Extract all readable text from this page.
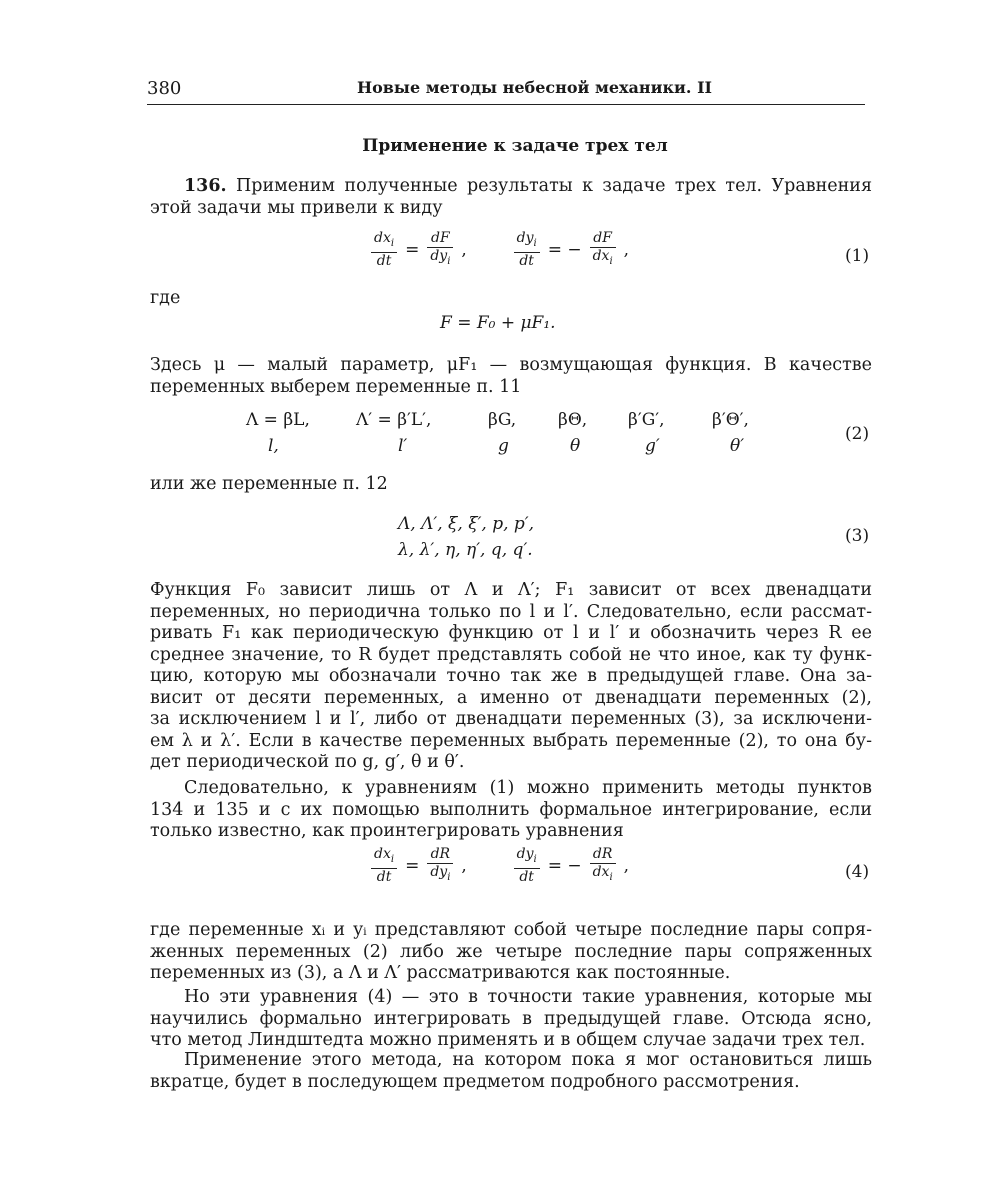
380	Новые методы небесной механики. II
Применение к задаче трех тел
136. Применим полученные результаты к задаче трех тел. Уравнения
этой задачи мы привели к виду
$\frac{dx_i}{dt} = \frac{dF}{dy_i}$ ,	$\frac{dy_i}{dt}$ = − $\frac{dF}{dx_i}$ ,	(1)
где
F = F₀ + μF₁.
Здесь μ — малый параметр, μF₁ — возмущающая функция. В качестве
переменных выберем переменные п. 11
Λ = βL,	Λ′ = β′L′,	βG, βΘ, β′G′,	β′Θ′,
l,	l′	g	θ	g′	θ′
(2)
или же переменные п. 12
Λ, Λ′, ξ, ξ′, p, p′,
λ, λ′, η, η′, q, q′.
(3)
Функция F₀ зависит лишь от Λ и Λ′; F₁ зависит от всех двенадцати
переменных, но периодична только по l и l′. Следовательно, если рассмат-
ривать F₁ как периодическую функцию от l и l′ и обозначить через R ее
среднее значение, то R будет представлять собой не что иное, как ту функ-
цию, которую мы обозначали точно так же в предыдущей главе. Она за-
висит от десяти переменных, а именно от двенадцати переменных (2),
за исключением l и l′, либо от двенадцати переменных (3), за исключени-
ем λ и λ′. Если в качестве переменных выбрать переменные (2), то она бу-
дет периодической по g, g′, θ и θ′.
Следовательно, к уравнениям (1) можно применить методы пунктов
134 и 135 и с их помощью выполнить формальное интегрирование, если
только известно, как проинтегрировать уравнения
$\frac{dx_i}{dt} = \frac{dR}{dy_i}$ ,	$\frac{dy_i}{dt}$ = − $\frac{dR}{dx_i}$ ,	(4)
где переменные xᵢ и yᵢ представляют собой четыре последние пары сопря-
женных переменных (2) либо же четыре последние пары сопряженных
переменных из (3), а Λ и Λ′ рассматриваются как постоянные.
Но эти уравнения (4) — это в точности такие уравнения, которые мы
научились формально интегрировать в предыдущей главе. Отсюда ясно,
что метод Линдштедта можно применять и в общем случае задачи трех тел.
Применение этого метода, на котором пока я мог остановиться лишь
вкратце, будет в последующем предметом подробного рассмотрения.
